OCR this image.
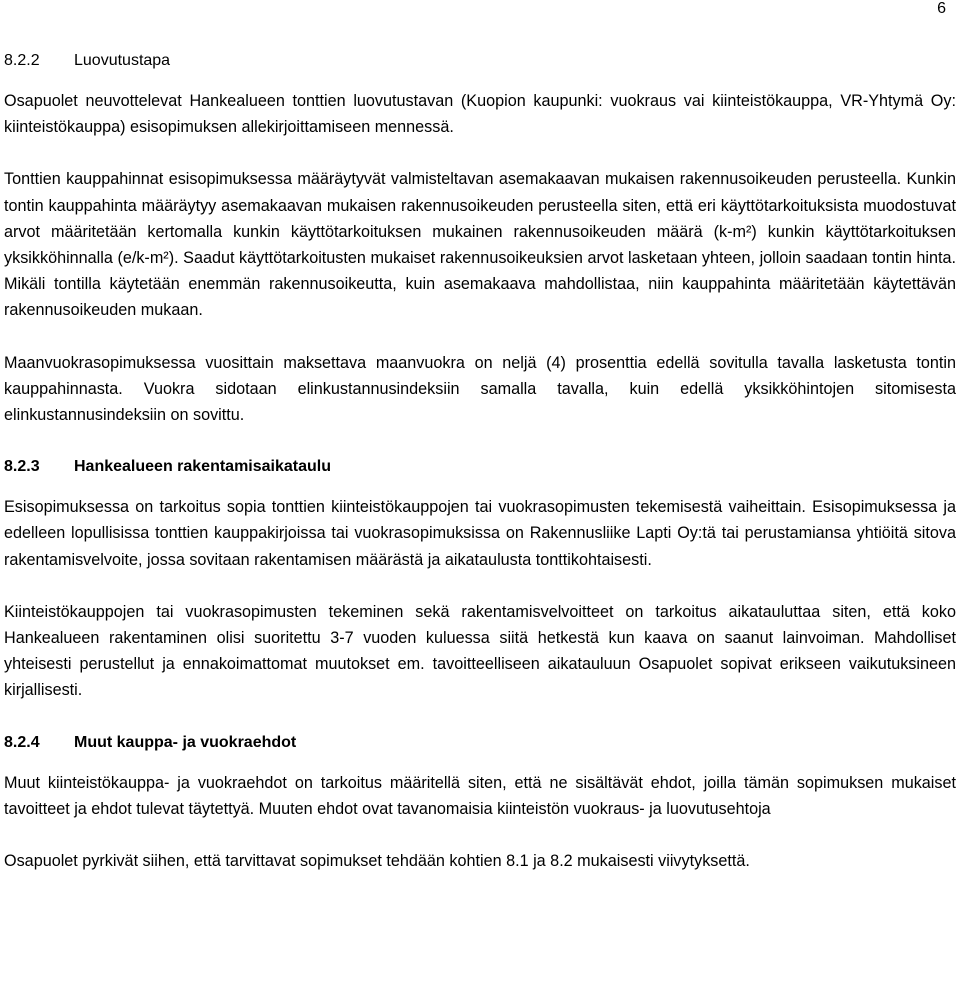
6
8.2.2	Luovutustapa

Osapuolet neuvottelevat Hankealueen tonttien luovutustavan (Kuopion kaupunki: vuokraus vai kiinteistökauppa, VR-Yhtymä Oy: kiinteistökauppa) esisopimuksen allekirjoittamiseen mennessä.

Tonttien kauppahinnat esisopimuksessa määräytyvät valmisteltavan asemakaavan mukaisen rakennusoikeuden perusteella. Kunkin tontin kauppahinta määräytyy asemakaavan mukaisen rakennusoikeuden perusteella siten, että eri käyttötarkoituksista muodostuvat arvot määritetään kertomalla kunkin käyttötarkoituksen mukainen rakennusoikeuden määrä (k-m²) kunkin käyttötarkoituksen yksikköhinnalla (e/k-m²). Saadut käyttötarkoitusten mukaiset rakennusoikeuksien arvot lasketaan yhteen, jolloin saadaan tontin hinta. Mikäli tontilla käytetään enemmän rakennusoikeutta, kuin asemakaava mahdollistaa, niin kauppahinta määritetään käytettävän rakennusoikeuden mukaan.

Maanvuokrasopimuksessa vuosittain maksettava maanvuokra on neljä (4) prosenttia edellä sovitulla tavalla lasketusta tontin kauppahinnasta. Vuokra sidotaan elinkustannusindeksiin samalla tavalla, kuin edellä yksikköhintojen sitomisesta elinkustannusindeksiin on sovittu.

8.2.3	Hankealueen rakentamisaikataulu

Esisopimuksessa on tarkoitus sopia tonttien kiinteistökauppojen tai vuokrasopimusten tekemisestä vaiheittain. Esisopimuksessa ja edelleen lopullisissa tonttien kauppakirjoissa tai vuokrasopimuksissa on Rakennusliike Lapti Oy:tä tai perustamiansa yhtiöitä sitova rakentamisvelvoite, jossa sovitaan rakentamisen määrästä ja aikataulusta tonttikohtaisesti.

Kiinteistökauppojen tai vuokrasopimusten tekeminen sekä rakentamisvelvoitteet on tarkoitus aikatauluttaa siten, että koko Hankealueen rakentaminen olisi suoritettu 3-7 vuoden kuluessa siitä hetkestä kun kaava on saanut lainvoiman. Mahdolliset yhteisesti perustellut ja ennakoimattomat muutokset em. tavoitteelliseen aikatauluun Osapuolet sopivat erikseen vaikutuksineen kirjallisesti.

8.2.4	Muut kauppa- ja vuokraehdot

Muut kiinteistökauppa- ja vuokraehdot on tarkoitus määritellä siten, että ne sisältävät ehdot, joilla tämän sopimuksen mukaiset tavoitteet ja ehdot tulevat täytettyä. Muuten ehdot ovat tavanomaisia kiinteistön vuokraus- ja luovutusehtoja

Osapuolet pyrkivät siihen, että tarvittavat sopimukset tehdään kohtien 8.1 ja 8.2 mukaisesti viivytyksettä.
